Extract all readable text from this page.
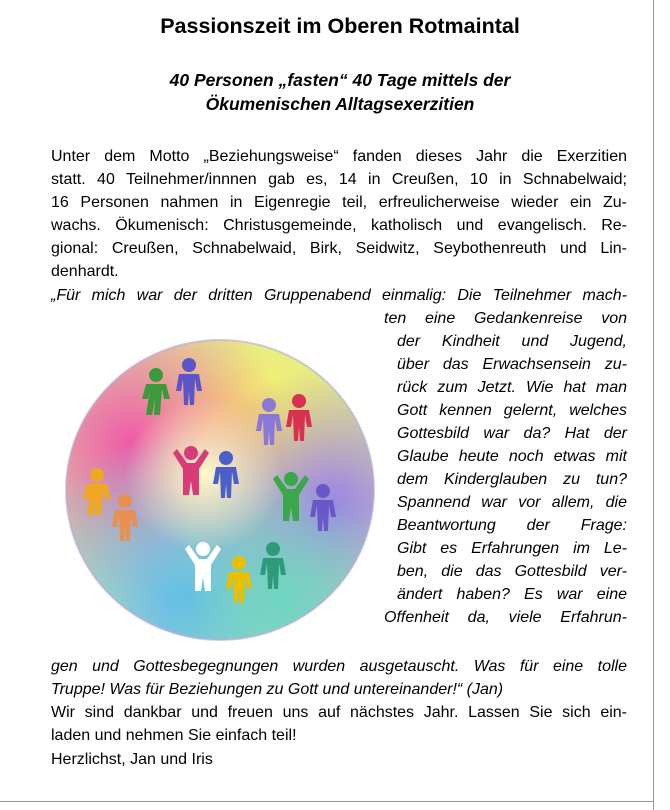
Passionszeit im Oberen Rotmaintal
40 Personen „fasten“ 40 Tage mittels der
Ökumenischen Alltagsexerzitien
Unter dem Motto „Beziehungsweise“ fanden dieses Jahr die Exerzitien
statt. 40 Teilnehmer/innnen gab es, 14 in Creußen, 10 in Schnabelwaid;
16 Personen nahmen in Eigenregie teil, erfreulicherweise wieder ein Zu-
wachs. Ökumenisch: Christusgemeinde, katholisch und evangelisch. Re-
gional: Creußen, Schnabelwaid, Birk, Seidwitz, Seybothenreuth und Lin-
denhardt.
„Für mich war der dritten Gruppenabend einmalig: Die Teilnehmer mach-
ten eine Gedankenreise von
der Kindheit und Jugend,
über das Erwachsensein zu-
rück zum Jetzt. Wie hat man
Gott kennen gelernt, welches
Gottesbild war da? Hat der
Glaube heute noch etwas mit
dem Kinderglauben zu tun?
Spannend war vor allem, die
Beantwortung der Frage:
Gibt es Erfahrungen im Le-
ben, die das Gottesbild ver-
ändert haben? Es war eine
Offenheit da, viele Erfahrun-
gen und Gottesbegegnungen wurden ausgetauscht. Was für eine tolle
Truppe! Was für Beziehungen zu Gott und untereinander!“ (Jan)
Wir sind dankbar und freuen uns auf nächstes Jahr. Lassen Sie sich ein-
laden und nehmen Sie einfach teil!
Herzlichst, Jan und Iris
